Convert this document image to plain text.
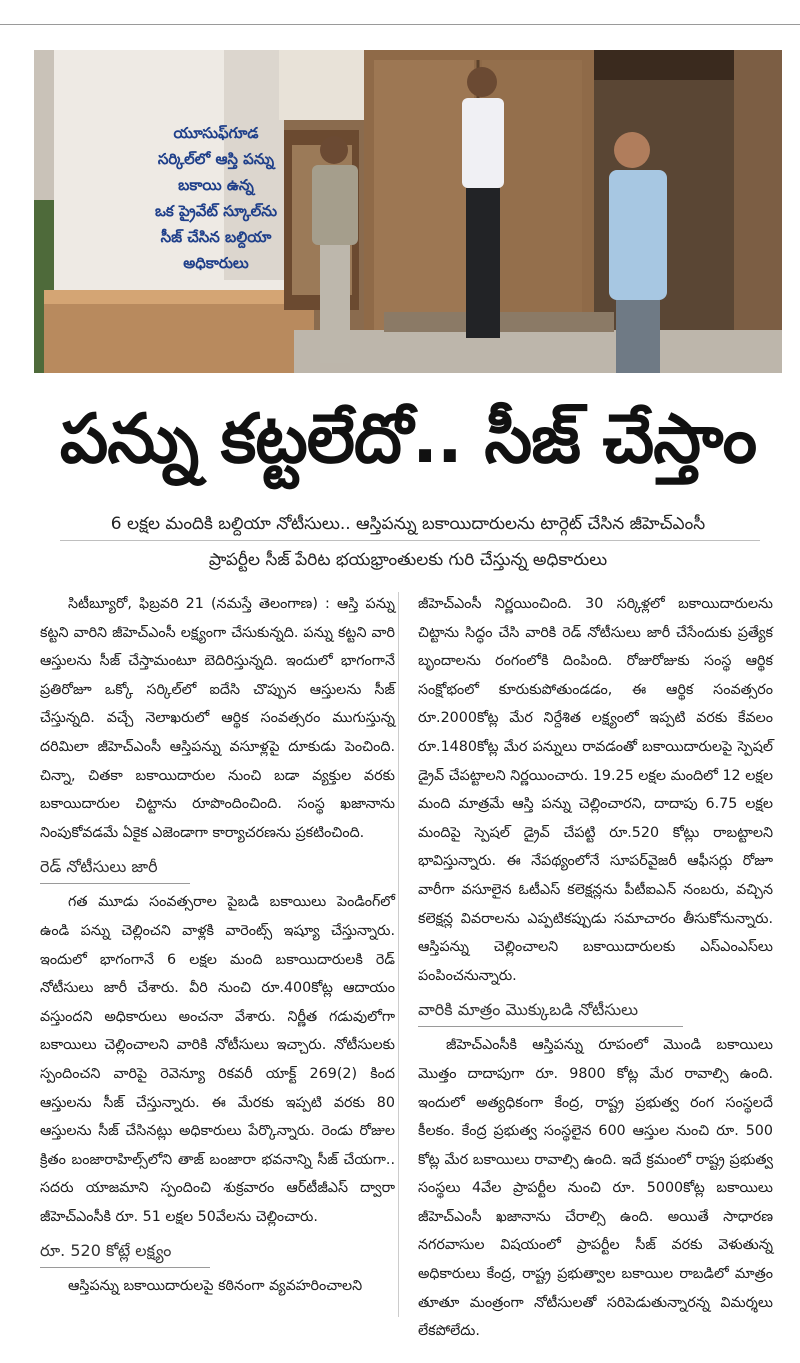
యూసుఫ్‌గూడ
సర్కిల్‌లో ఆస్తి పన్ను
బకాయి ఉన్న
ఒక ప్రైవేట్ స్కూల్‌ను
సీజ్ చేసిన బల్దియా
అధికారులు
పన్ను కట్టలేదో.. సీజ్ చేస్తాం
6 లక్షల మందికి బల్దియా నోటీసులు.. ఆస్తిపన్ను బకాయిదారులను టార్గెట్ చేసిన జీహెచ్ఎంసీ
ప్రాపర్టీల సీజ్ పేరిట భయభ్రాంతులకు గురి చేస్తున్న అధికారులు

సిటీబ్యూరో, ఫిబ్రవరి 21 (నమస్తే తెలంగాణ) : ఆస్తి పన్ను కట్టని వారిని జీహెచ్ఎంసీ లక్ష్యంగా చేసుకున్నది. పన్ను కట్టని వారి ఆస్తులను సీజ్ చేస్తామంటూ బెదిరిస్తున్నది. ఇందులో భాగంగానే ప్రతిరోజూ ఒక్కో సర్కిల్‌లో ఐదేసి చొప్పున ఆస్తులను సీజ్ చేస్తున్నది. వచ్చే నెలాఖరులో ఆర్థిక సంవత్సరం ముగుస్తున్న దరిమిలా జీహెచ్ఎంసీ ఆస్తిపన్ను వసూళ్లపై దూకుడు పెంచింది. చిన్నా, చితకా బకాయిదారుల నుంచి బడా వ్యక్తుల వరకు బకాయిదారుల చిట్టాను రూపొందించింది. సంస్థ ఖజానాను నింపుకోవడమే ఏకైక ఎజెండాగా కార్యాచరణను ప్రకటించింది.

రెడ్ నోటీసులు జారీ

గత మూడు సంవత్సరాల పైబడి బకాయిలు పెండింగ్‌లో ఉండి పన్ను చెల్లించని వాళ్లకి వారెంట్స్ ఇష్యూ చేస్తున్నారు. ఇందులో భాగంగానే 6 లక్షల మంది బకాయిదారులకి రెడ్ నోటీసులు జారీ చేశారు. వీరి నుంచి రూ.400కోట్ల ఆదాయం వస్తుందని అధికారులు అంచనా వేశారు. నిర్ణీత గడువులోగా బకాయిలు చెల్లించాలని వారికి నోటీసులు ఇచ్చారు. నోటీసులకు స్పందించని వారిపై రెవెన్యూ రికవరీ యాక్ట్ 269(2) కింద ఆస్తులను సీజ్ చేస్తున్నారు. ఈ మేరకు ఇప్పటి వరకు 80 ఆస్తులను సీజ్ చేసినట్లు అధికారులు పేర్కొన్నారు. రెండు రోజుల క్రితం బంజారాహిల్స్‌లోని తాజ్ బంజారా భవనాన్ని సీజ్ చేయగా.. సదరు యాజమాని స్పందించి శుక్రవారం ఆర్‌టీజీఎస్ ద్వారా జీహెచ్ఎంసీకి రూ. 51 లక్షల 50వేలను చెల్లించారు.

రూ. 520 కోట్లే లక్ష్యం

ఆస్తిపన్ను బకాయిదారులపై కఠినంగా వ్యవహరించాలని

జీహెచ్ఎంసీ నిర్ణయించింది. 30 సర్కిళ్లలో బకాయిదారులను చిట్టాను సిద్ధం చేసి వారికి రెడ్ నోటీసులు జారీ చేసేందుకు ప్రత్యేక బృందాలను రంగంలోకి దింపింది. రోజురోజుకు సంస్థ ఆర్థిక సంక్షోభంలో కూరుకుపోతుండడం, ఈ ఆర్థిక సంవత్సరం రూ.2000కోట్ల మేర నిర్దేశిత లక్ష్యంలో ఇప్పటి వరకు కేవలం రూ.1480కోట్ల మేర పన్నులు రావడంతో బకాయిదారులపై స్పెషల్ డ్రైవ్ చేపట్టాలని నిర్ణయించారు. 19.25 లక్షల మందిలో 12 లక్షల మంది మాత్రమే ఆస్తి పన్ను చెల్లించారని, దాదాపు 6.75 లక్షల మందిపై స్పెషల్ డ్రైవ్ చేపట్టి రూ.520 కోట్లు రాబట్టాలని భావిస్తున్నారు. ఈ నేపథ్యంలోనే సూపర్‌వైజరీ ఆఫీసర్లు రోజూ వారీగా వసూలైన ఓటీఎస్ కలెక్షన్లను పీటీఐఎన్ నంబరు, వచ్చిన కలెక్షన్ల వివరాలను ఎప్పటికప్పుడు సమాచారం తీసుకోనున్నారు. ఆస్తిపన్ను చెల్లించాలని బకాయిదారులకు ఎస్ఎంఎస్‌లు పంపించనున్నారు.

వారికి మాత్రం మొక్కుబడి నోటీసులు

జీహెచ్ఎంసీకి ఆస్తిపన్ను రూపంలో మొండి బకాయిలు మొత్తం దాదాపుగా రూ. 9800 కోట్ల మేర రావాల్సి ఉంది. ఇందులో అత్యధికంగా కేంద్ర, రాష్ట్ర ప్రభుత్వ రంగ సంస్థలదే కీలకం. కేంద్ర ప్రభుత్వ సంస్థలైన 600 ఆస్తుల నుంచి రూ. 500 కోట్ల మేర బకాయిలు రావాల్సి ఉంది. ఇదే క్రమంలో రాష్ట్ర ప్రభుత్వ సంస్థలు 4వేల ప్రాపర్టీల నుంచి రూ. 5000కోట్ల బకాయిలు జీహెచ్ఎంసీ ఖజానాను చేరాల్సి ఉంది. అయితే సాధారణ నగరవాసుల విషయంలో ప్రాపర్టీల సీజ్ వరకు వెళుతున్న అధికారులు కేంద్ర, రాష్ట్ర ప్రభుత్వాల బకాయిల రాబడిలో మాత్రం తూతూ మంత్రంగా నోటీసులతో సరిపెడుతున్నారన్న విమర్శలు లేకపోలేదు.
